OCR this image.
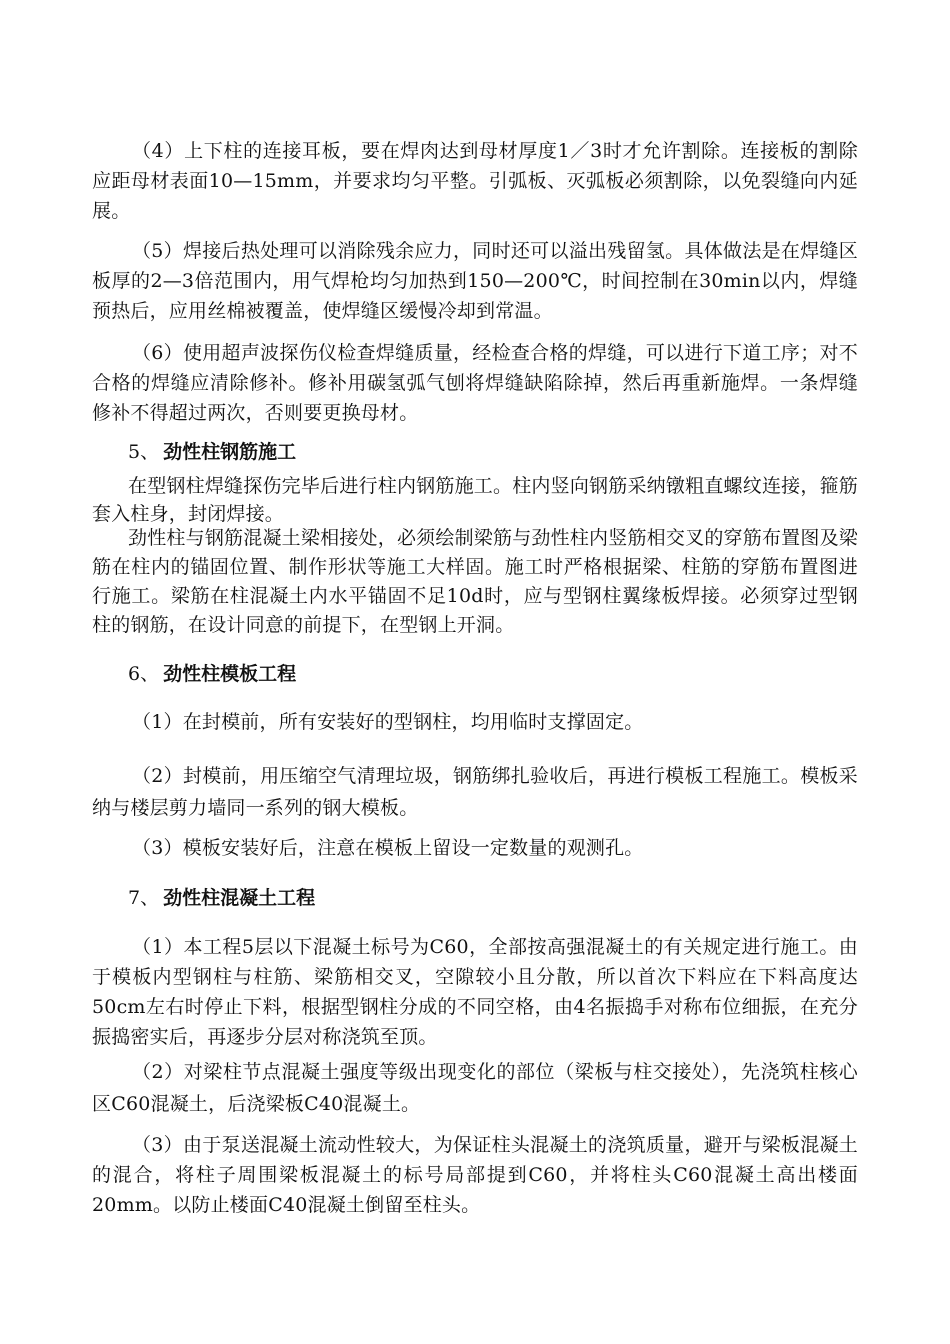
（4）上下柱的连接耳板，要在焊肉达到母材厚度1／3时才允许割除。连接板的割除应距母材表面10—15mm，并要求均匀平整。引弧板、灭弧板必须割除，以免裂缝向内延展。

（5）焊接后热处理可以消除残余应力，同时还可以溢出残留氢。具体做法是在焊缝区板厚的2—3倍范围内，用气焊枪均匀加热到150—200℃，时间控制在30min以内，焊缝预热后，应用丝棉被覆盖，使焊缝区缓慢冷却到常温。

（6）使用超声波探伤仪检查焊缝质量，经检查合格的焊缝，可以进行下道工序；对不合格的焊缝应清除修补。修补用碳氢弧气刨将焊缝缺陷除掉，然后再重新施焊。一条焊缝修补不得超过两次，否则要更换母材。

5、 劲性柱钢筋施工

在型钢柱焊缝探伤完毕后进行柱内钢筋施工。柱内竖向钢筋采纳镦粗直螺纹连接，箍筋套入柱身，封闭焊接。

劲性柱与钢筋混凝土梁相接处，必须绘制梁筋与劲性柱内竖筋相交叉的穿筋布置图及梁筋在柱内的锚固位置、制作形状等施工大样固。施工时严格根据梁、柱筋的穿筋布置图进行施工。梁筋在柱混凝土内水平锚固不足10d时，应与型钢柱翼缘板焊接。必须穿过型钢柱的钢筋，在设计同意的前提下，在型钢上开洞。

6、 劲性柱模板工程

（1）在封模前，所有安装好的型钢柱，均用临时支撑固定。

（2）封模前，用压缩空气清理垃圾，钢筋绑扎验收后，再进行模板工程施工。模板采纳与楼层剪力墙同一系列的钢大模板。

（3）模板安装好后，注意在模板上留设一定数量的观测孔。

7、 劲性柱混凝土工程

（1）本工程5层以下混凝土标号为C60，全部按高强混凝土的有关规定进行施工。由于模板内型钢柱与柱筋、梁筋相交叉，空隙较小且分散，所以首次下料应在下料高度达50cm左右时停止下料，根据型钢柱分成的不同空格，由4名振捣手对称布位细振，在充分振捣密实后，再逐步分层对称浇筑至顶。

（2）对梁柱节点混凝土强度等级出现变化的部位（梁板与柱交接处），先浇筑柱核心区C60混凝土，后浇梁板C40混凝土。

（3）由于泵送混凝土流动性较大，为保证柱头混凝土的浇筑质量，避开与梁板混凝土的混合，将柱子周围梁板混凝土的标号局部提到C60，并将柱头C60混凝土高出楼面20mm。以防止楼面C40混凝土倒留至柱头。
